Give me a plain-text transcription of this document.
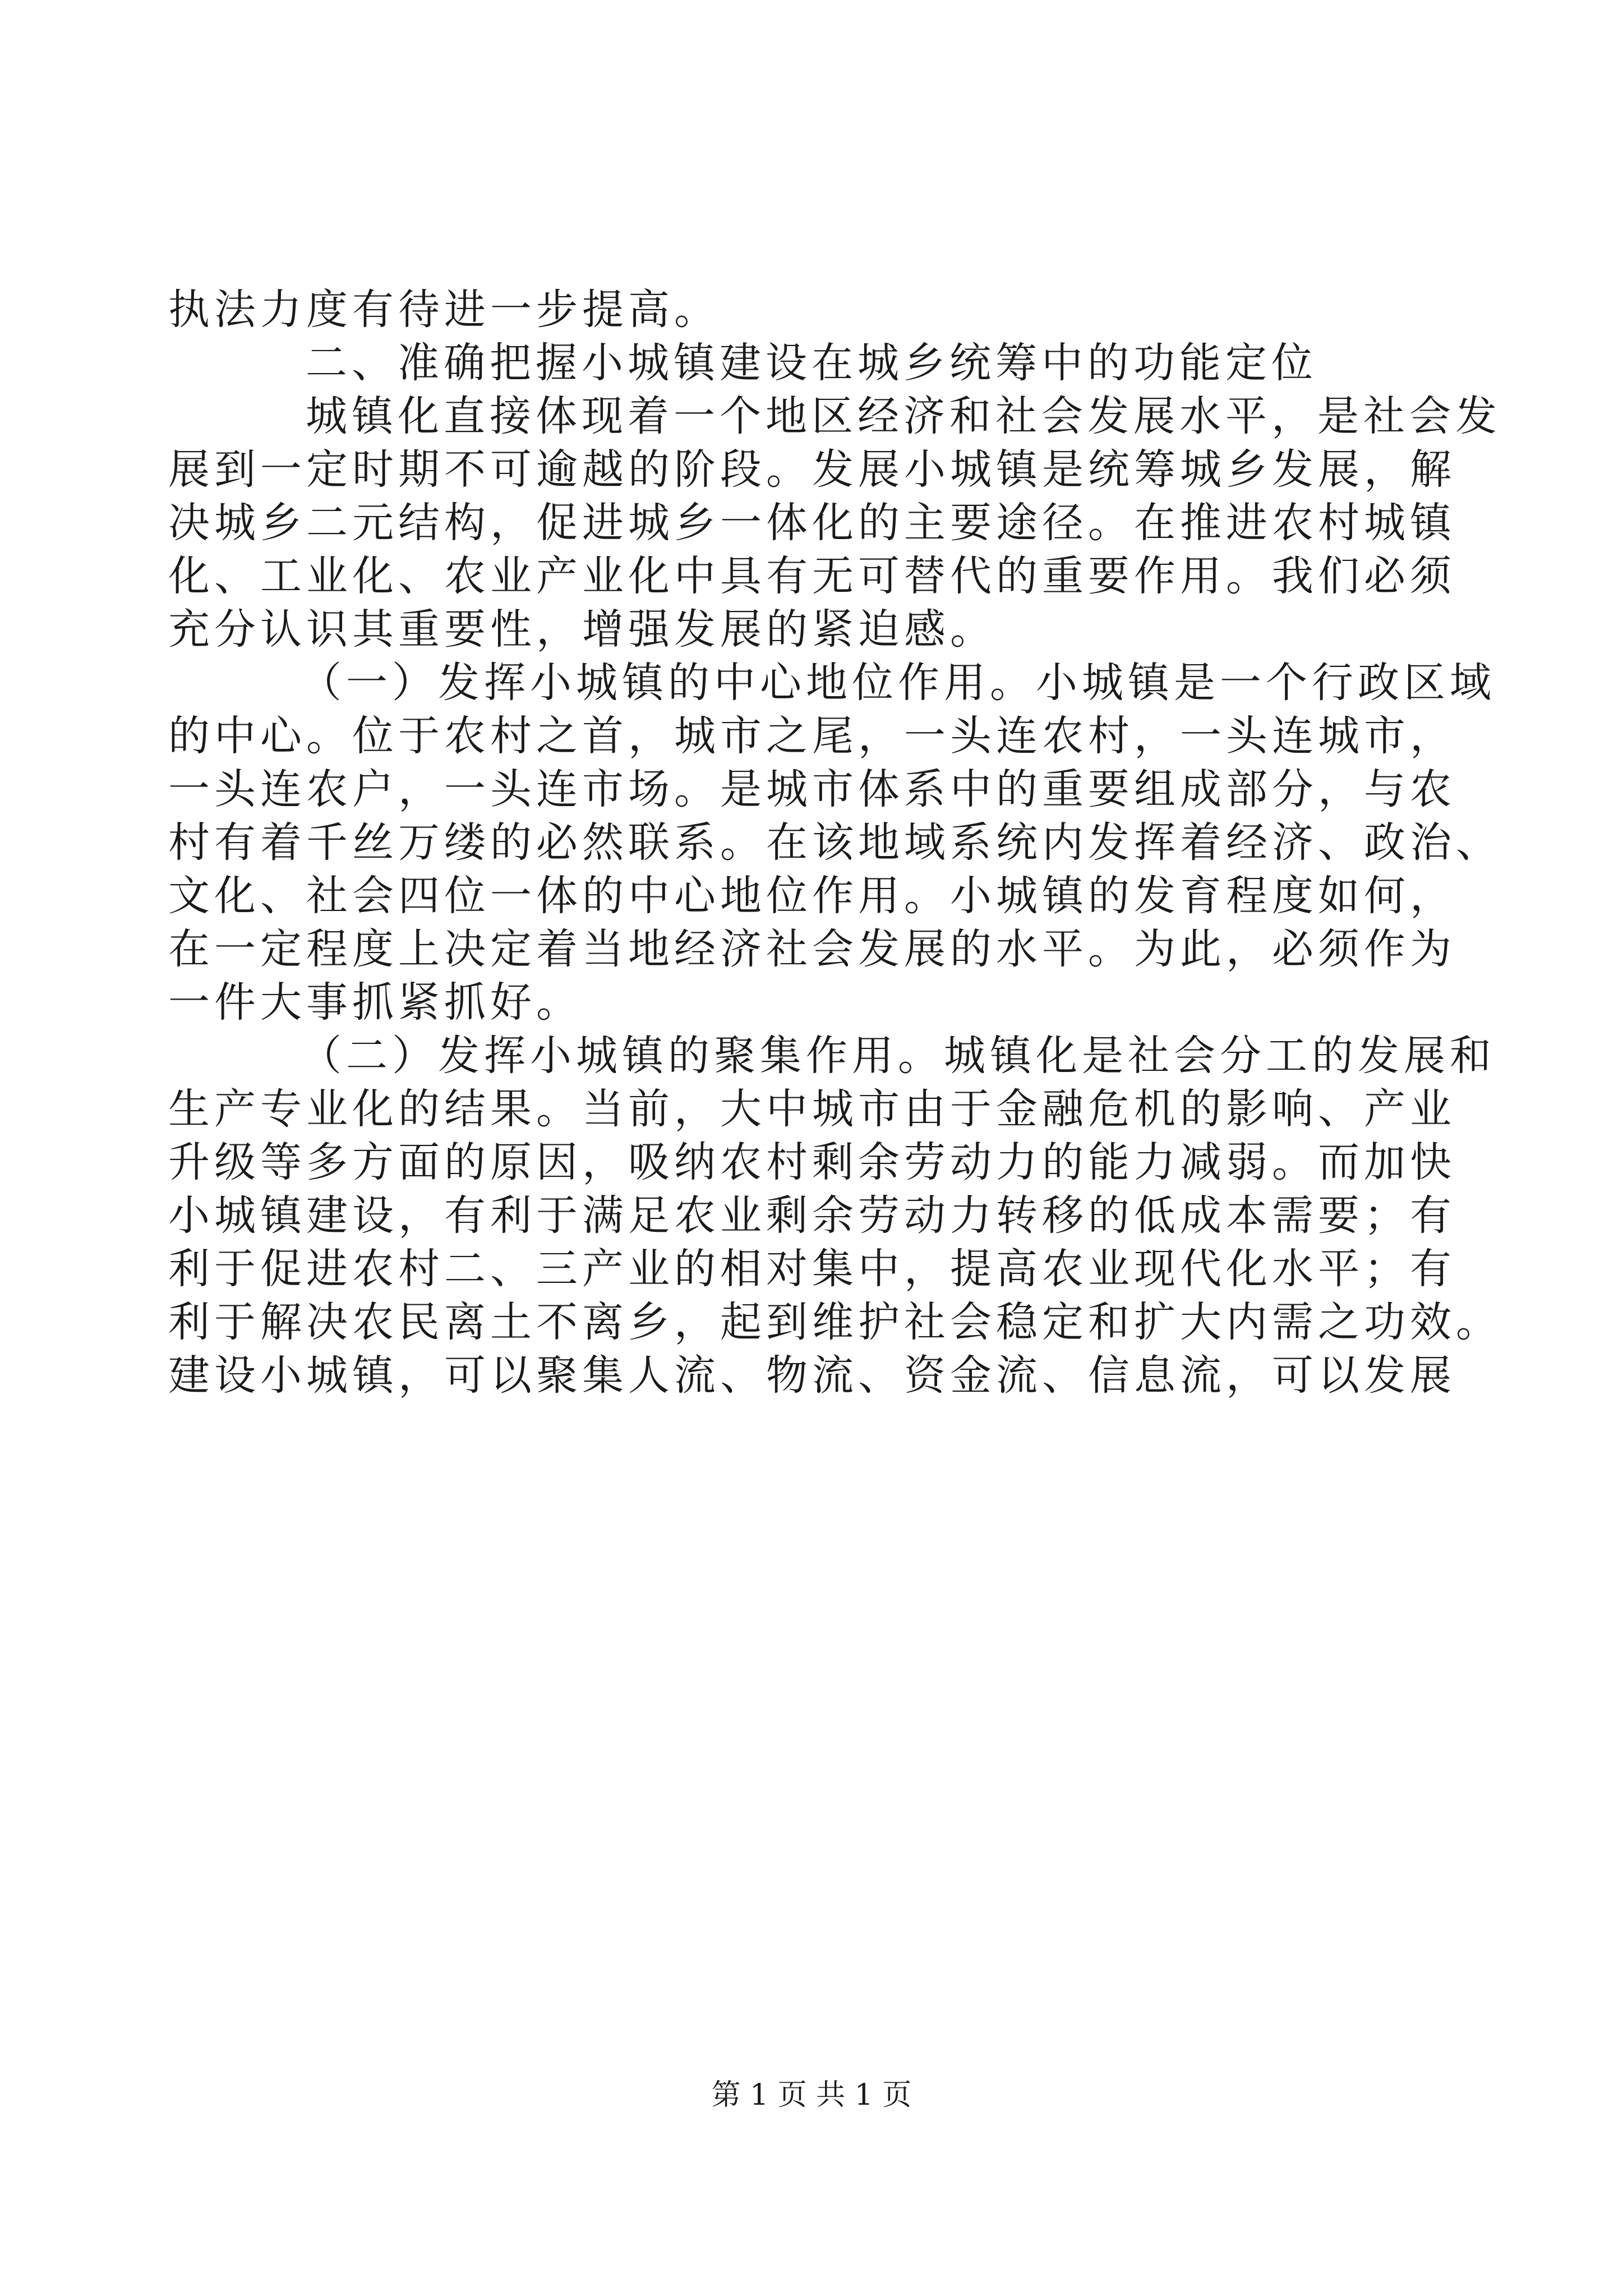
执法力度有待进一步提高。
二、准确把握小城镇建设在城乡统筹中的功能定位
城镇化直接体现着一个地区经济和社会发展水平，是社会发
展到一定时期不可逾越的阶段。发展小城镇是统筹城乡发展，解
决城乡二元结构，促进城乡一体化的主要途径。在推进农村城镇
化、工业化、农业产业化中具有无可替代的重要作用。我们必须
充分认识其重要性，增强发展的紧迫感。
（一）发挥小城镇的中心地位作用。小城镇是一个行政区域
的中心。位于农村之首，城市之尾，一头连农村，一头连城市，
一头连农户，一头连市场。是城市体系中的重要组成部分，与农
村有着千丝万缕的必然联系。在该地域系统内发挥着经济、政治、
文化、社会四位一体的中心地位作用。小城镇的发育程度如何，
在一定程度上决定着当地经济社会发展的水平。为此，必须作为
一件大事抓紧抓好。
（二）发挥小城镇的聚集作用。城镇化是社会分工的发展和
生产专业化的结果。当前，大中城市由于金融危机的影响、产业
升级等多方面的原因，吸纳农村剩余劳动力的能力减弱。而加快
小城镇建设，有利于满足农业剩余劳动力转移的低成本需要；有
利于促进农村二、三产业的相对集中，提高农业现代化水平；有
利于解决农民离土不离乡，起到维护社会稳定和扩大内需之功效。
建设小城镇，可以聚集人流、物流、资金流、信息流，可以发展
第 1 页 共 1 页
